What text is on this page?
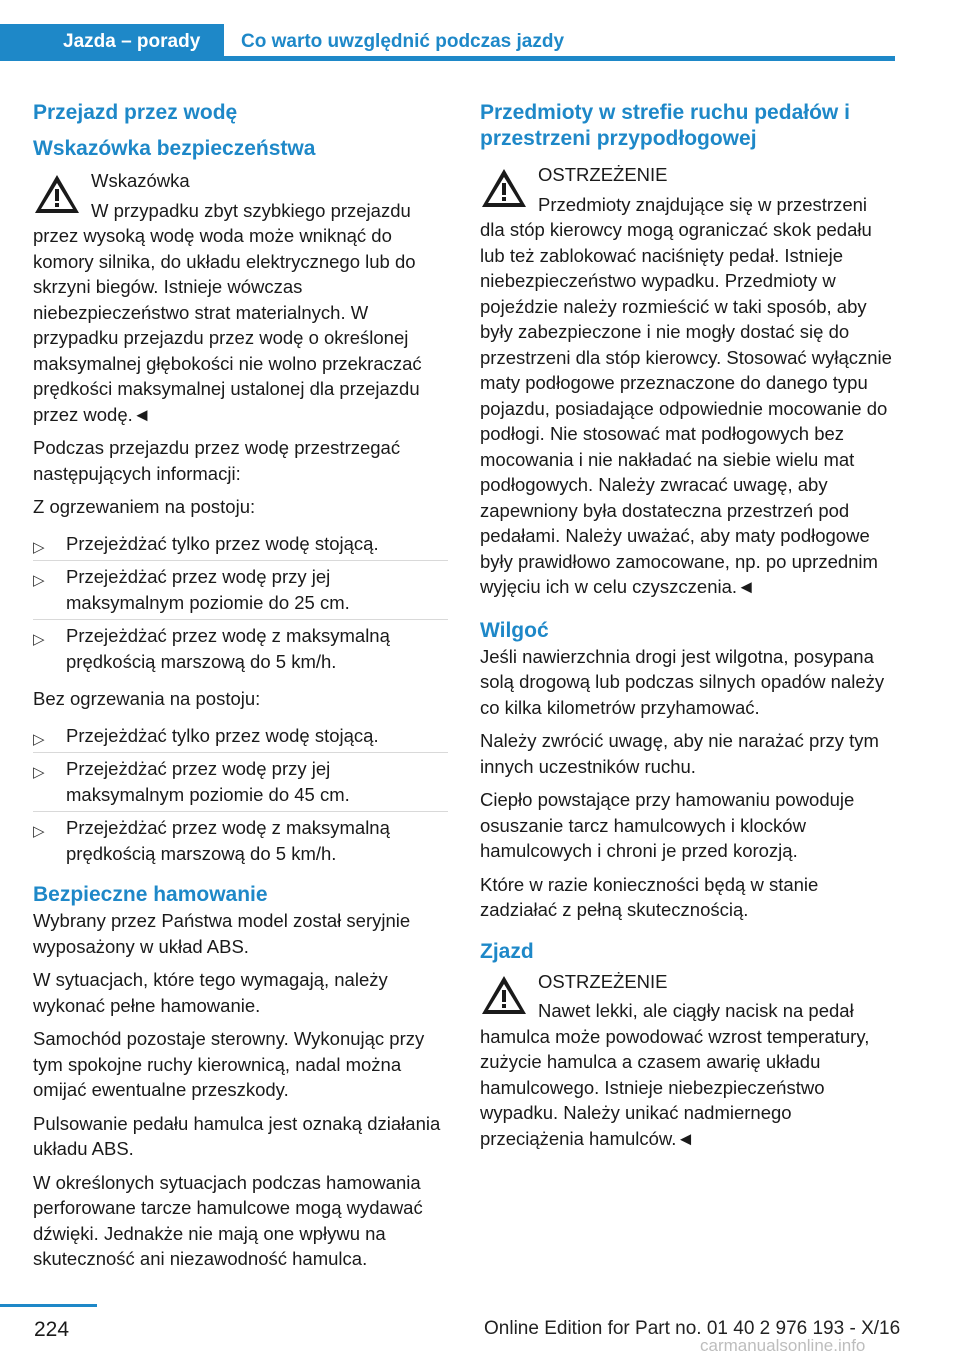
Jazda – porady Co warto uwzględnić podczas jazdy
Przejazd przez wodę
Wskazówka bezpieczeństwa
Wskazówka
W przypadku zbyt szybkiego przejazdu przez wysoką wodę woda może wniknąć do komory silnika, do układu elektrycznego lub do skrzyni biegów. Istnieje wówczas niebezpieczeństwo strat materialnych. W przypadku przejazdu przez wodę o określonej maksymalnej głębokości nie wolno przekraczać prędkości maksymalnej ustalonej dla przejazdu przez wodę.◄

Podczas przejazdu przez wodę przestrzegać następujących informacji:

Z ogrzewaniem na postoju:

▷ Przejeżdżać tylko przez wodę stojącą.
▷ Przejeżdżać przez wodę przy jej maksymalnym poziomie do 25 cm.
▷ Przejeżdżać przez wodę z maksymalną prędkością marszową do 5 km/h.

Bez ogrzewania na postoju:

▷ Przejeżdżać tylko przez wodę stojącą.
▷ Przejeżdżać przez wodę przy jej maksymalnym poziomie do 45 cm.
▷ Przejeżdżać przez wodę z maksymalną prędkością marszową do 5 km/h.
Bezpieczne hamowanie

Wybrany przez Państwa model został seryjnie wyposażony w układ ABS.

W sytuacjach, które tego wymagają, należy wykonać pełne hamowanie.

Samochód pozostaje sterowny. Wykonując przy tym spokojne ruchy kierownicą, nadal można omijać ewentualne przeszkody.

Pulsowanie pedału hamulca jest oznaką działania układu ABS.

W określonych sytuacjach podczas hamowania perforowane tarcze hamulcowe mogą wydawać dźwięki. Jednakże nie mają one wpływu na skuteczność ani niezawodność hamulca.

Przedmioty w strefie ruchu pedałów i przestrzeni przypodłogowej
OSTRZEŻENIE
Przedmioty znajdujące się w przestrzeni dla stóp kierowcy mogą ograniczać skok pedału lub też zablokować naciśnięty pedał. Istnieje niebezpieczeństwo wypadku. Przedmioty w pojeździe należy rozmieścić w taki sposób, aby były zabezpieczone i nie mogły dostać się do przestrzeni dla stóp kierowcy. Stosować wyłącznie maty podłogowe przeznaczone do danego typu pojazdu, posiadające odpowiednie mocowanie do podłogi. Nie stosować mat podłogowych bez mocowania i nie nakładać na siebie wielu mat podłogowych. Należy zwracać uwagę, aby zapewniony była dostateczna przestrzeń pod pedałami. Należy uważać, aby maty podłogowe były prawidłowo zamocowane, np. po uprzednim wyjęciu ich w celu czyszczenia.◄
Wilgoć

Jeśli nawierzchnia drogi jest wilgotna, posypana solą drogową lub podczas silnych opadów należy co kilka kilometrów przyhamować.

Należy zwrócić uwagę, aby nie narażać przy tym innych uczestników ruchu.

Ciepło powstające przy hamowaniu powoduje osuszanie tarcz hamulcowych i klocków hamulcowych i chroni je przed korozją.

Które w razie konieczności będą w stanie zadziałać z pełną skutecznością.

Zjazd
OSTRZEŻENIE
Nawet lekki, ale ciągły nacisk na pedał hamulca może powodować wzrost temperatury, zużycie hamulca a czasem awarię układu hamulcowego. Istnieje niebezpieczeństwo wypadku. Należy unikać nadmiernego przeciążenia hamulców.◄
224	Online Edition for Part no. 01 40 2 976 193 - X/16
carmanualsonline.info
